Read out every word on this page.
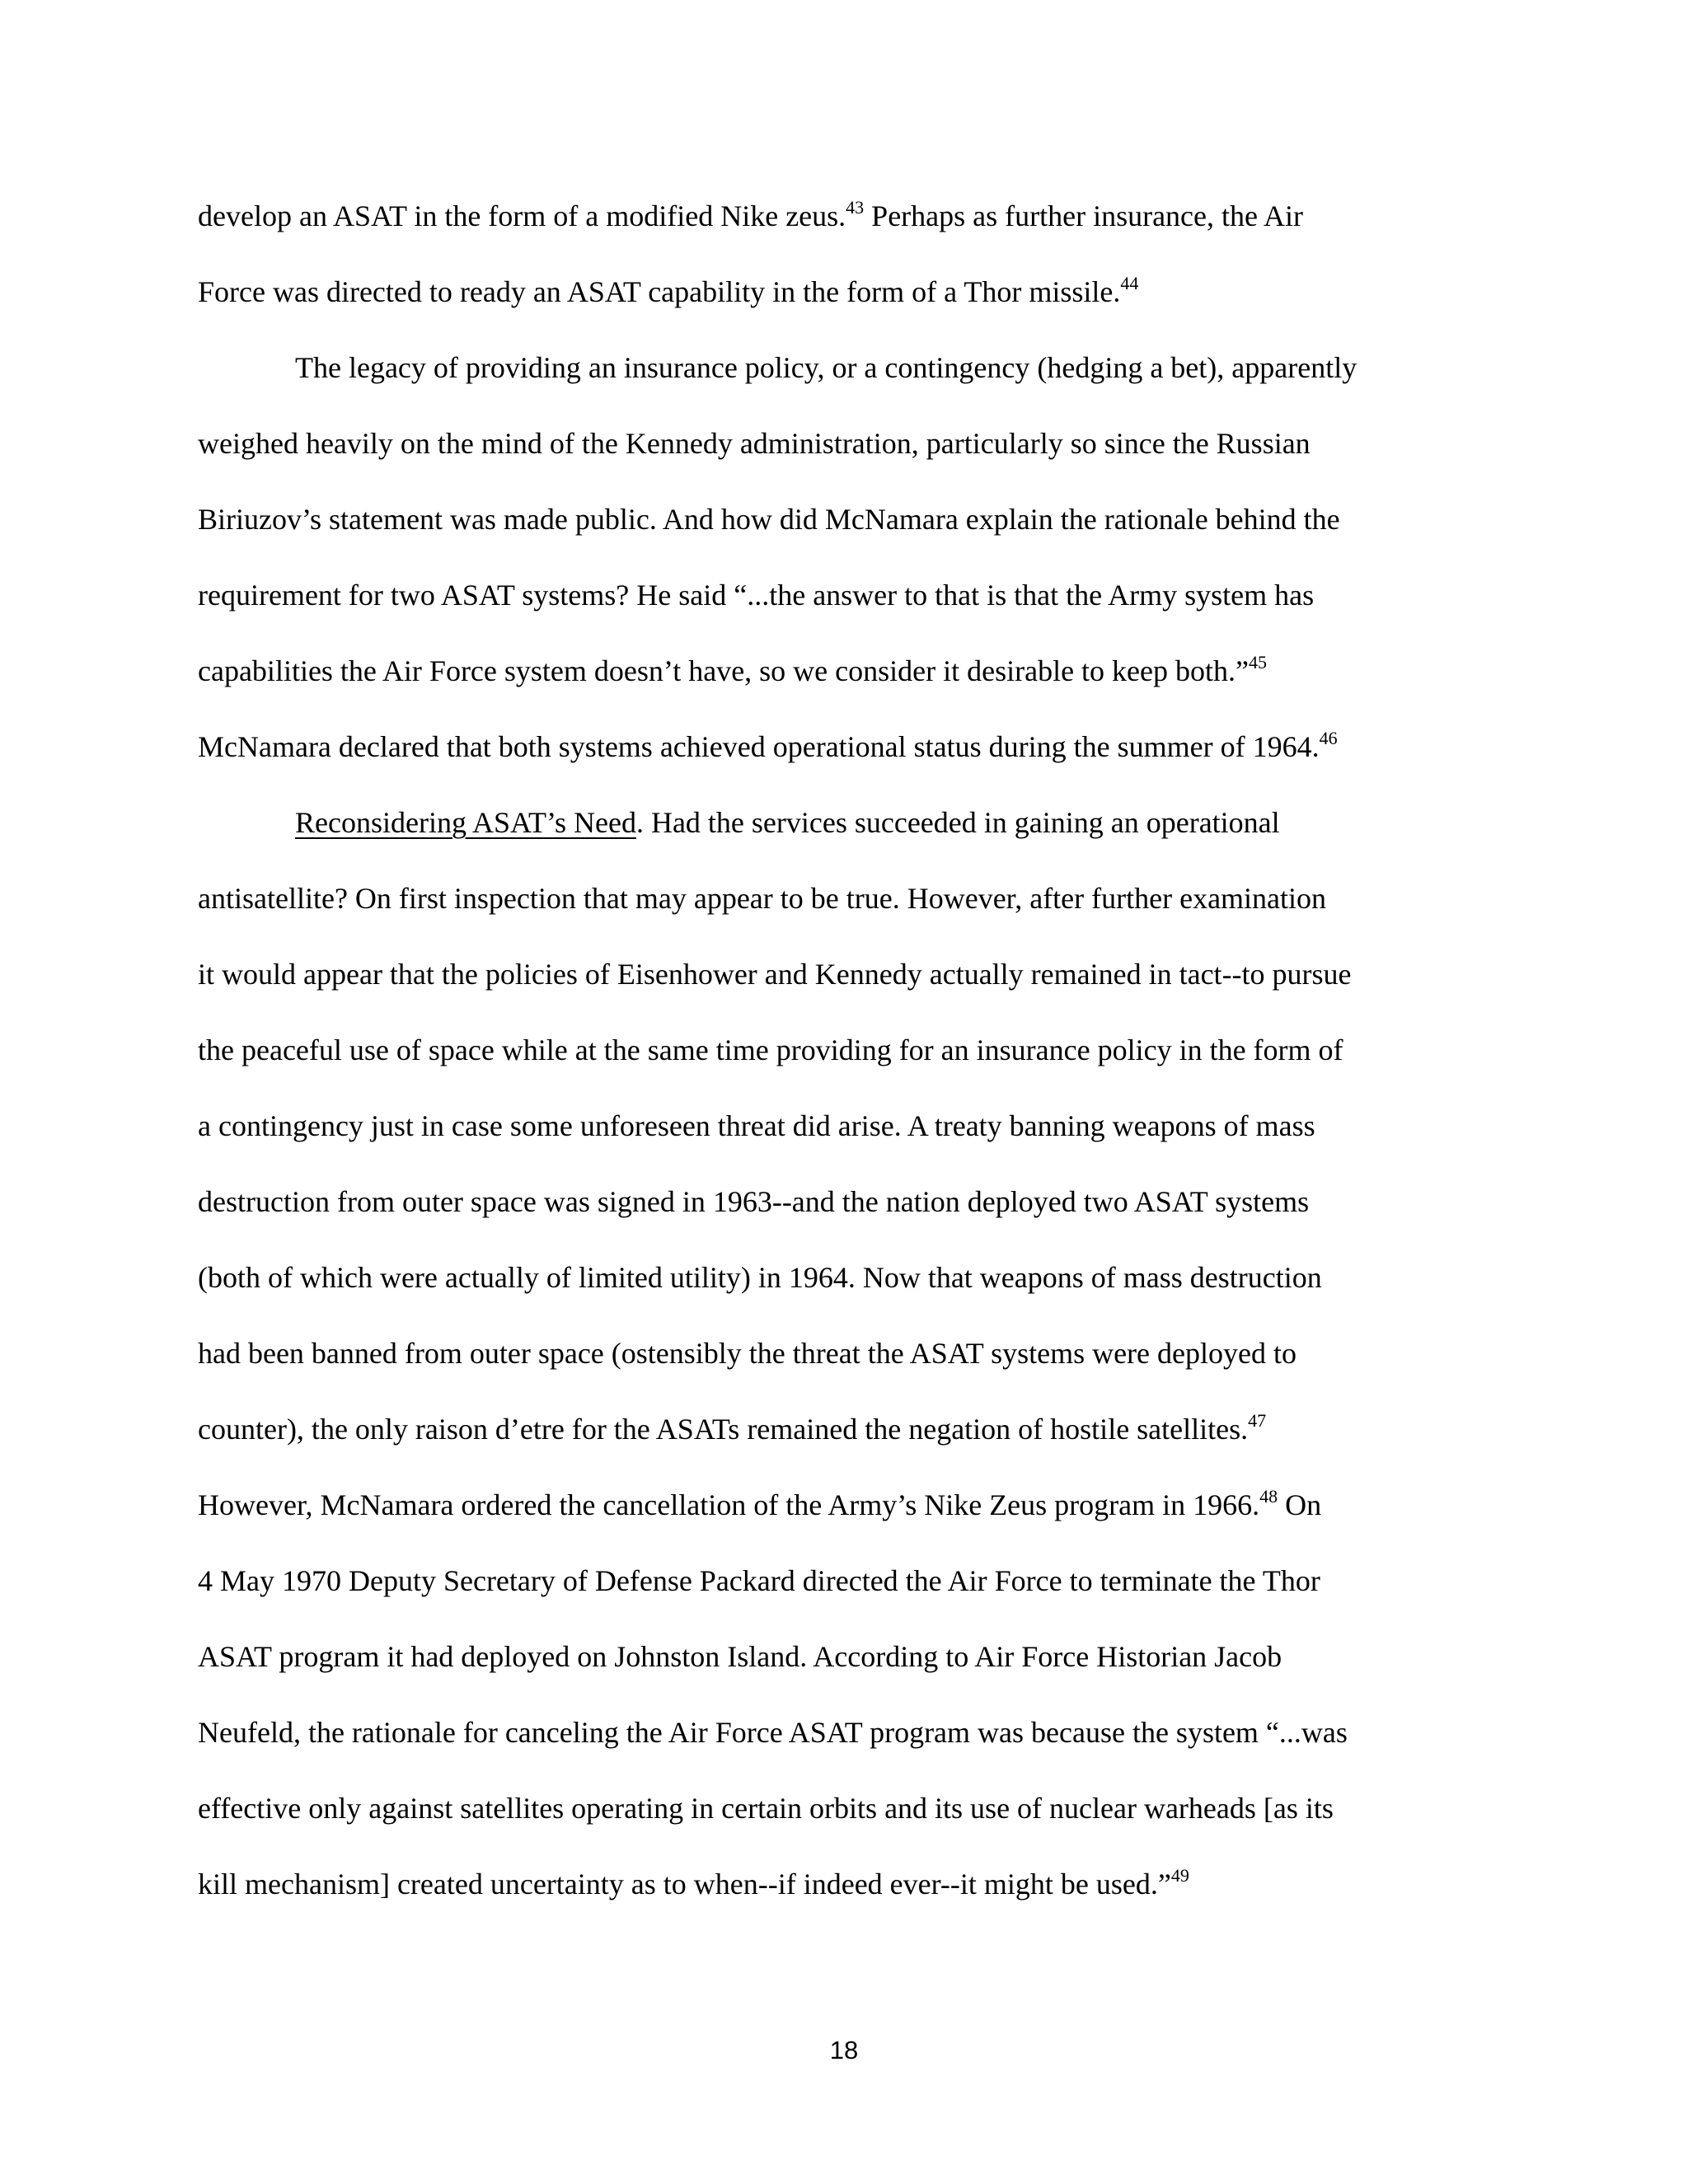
develop an ASAT in the form of a modified Nike zeus.$^{43}$ Perhaps as further insurance, the Air
Force was directed to ready an ASAT capability in the form of a Thor missile.$^{44}$
The legacy of providing an insurance policy, or a contingency (hedging a bet), apparently
weighed heavily on the mind of the Kennedy administration, particularly so since the Russian
Biriuzov’s statement was made public. And how did McNamara explain the rationale behind the
requirement for two ASAT systems? He said “...the answer to that is that the Army system has
capabilities the Air Force system doesn’t have, so we consider it desirable to keep both.”$^{45}$
McNamara declared that both systems achieved operational status during the summer of 1964.46
Reconsidering ASAT’s Need. Had the services succeeded in gaining an operational
antisatellite? On first inspection that may appear to be true. However, after further examination
it would appear that the policies of Eisenhower and Kennedy actually remained in tact--to pursue
the peaceful use of space while at the same time providing for an insurance policy in the form of
a contingency just in case some unforeseen threat did arise. A treaty banning weapons of mass
destruction from outer space was signed in 1963--and the nation deployed two ASAT systems
(both of which were actually of limited utility) in 1964. Now that weapons of mass destruction
had been banned from outer space (ostensibly the threat the ASAT systems were deployed to
counter), the only raison d’etre for the ASATs remained the negation of hostile satellites.$^{47}$
However, McNamara ordered the cancellation of the Army’s Nike Zeus program in 1966.48 On
4 May 1970 Deputy Secretary of Defense Packard directed the Air Force to terminate the Thor
ASAT program it had deployed on Johnston Island. According to Air Force Historian Jacob
Neufeld, the rationale for canceling the Air Force ASAT program was because the system “...was
effective only against satellites operating in certain orbits and its use of nuclear warheads [as its
kill mechanism] created uncertainty as to when--if indeed ever--it might be used.”$^{49}$
18
